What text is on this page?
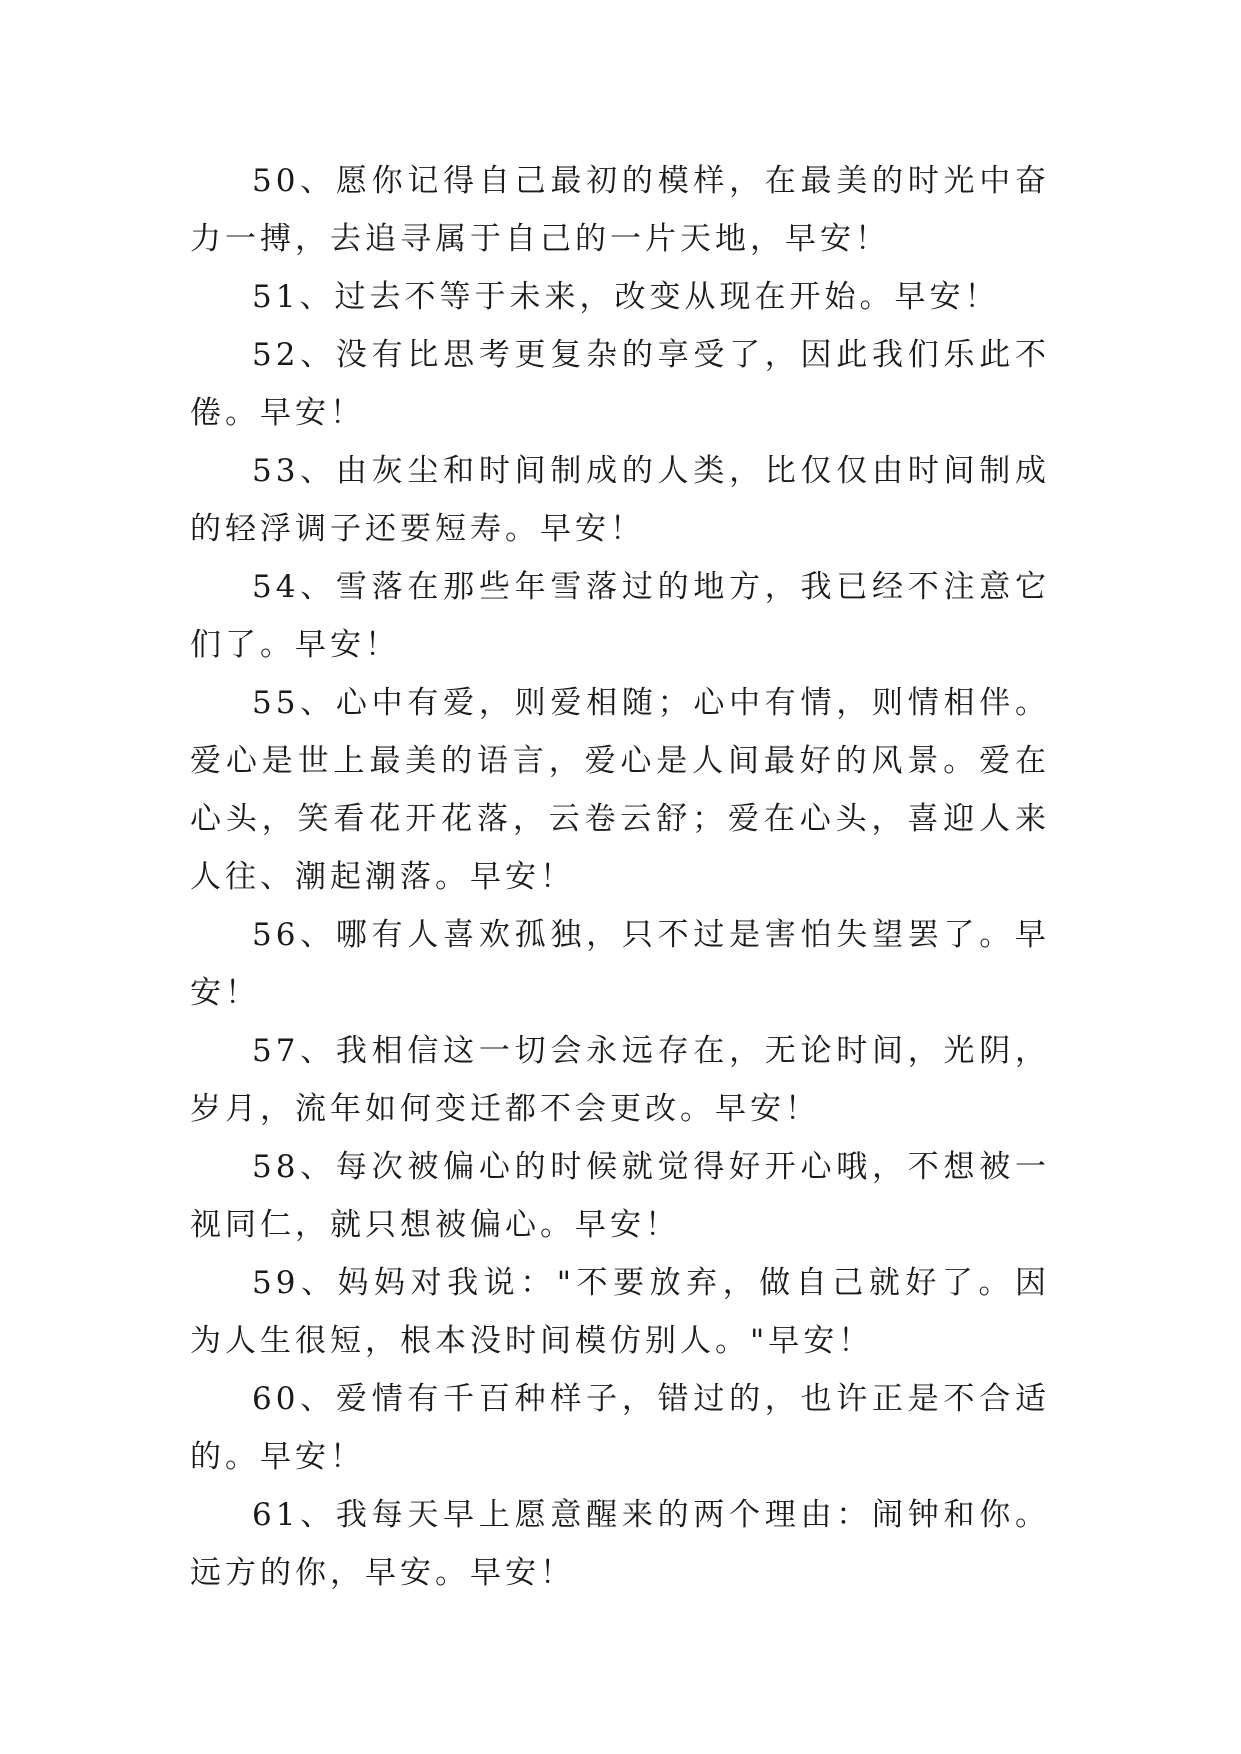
50、愿你记得自己最初的模样，在最美的时光中奋力一搏，去追寻属于自己的一片天地，早安！

51、过去不等于未来，改变从现在开始。早安！

52、没有比思考更复杂的享受了，因此我们乐此不倦。早安！

53、由灰尘和时间制成的人类，比仅仅由时间制成的轻浮调子还要短寿。早安！

54、雪落在那些年雪落过的地方，我已经不注意它们了。早安！

55、心中有爱，则爱相随；心中有情，则情相伴。爱心是世上最美的语言，爱心是人间最好的风景。爱在心头，笑看花开花落，云卷云舒；爱在心头，喜迎人来人往、潮起潮落。早安！

56、哪有人喜欢孤独，只不过是害怕失望罢了。早安！

57、我相信这一切会永远存在，无论时间，光阴，岁月，流年如何变迁都不会更改。早安！

58、每次被偏心的时候就觉得好开心哦，不想被一视同仁，就只想被偏心。早安！

59、妈妈对我说："不要放弃，做自己就好了。因为人生很短，根本没时间模仿别人。"早安！

60、爱情有千百种样子，错过的，也许正是不合适的。早安！

61、我每天早上愿意醒来的两个理由：闹钟和你。远方的你，早安。早安！
